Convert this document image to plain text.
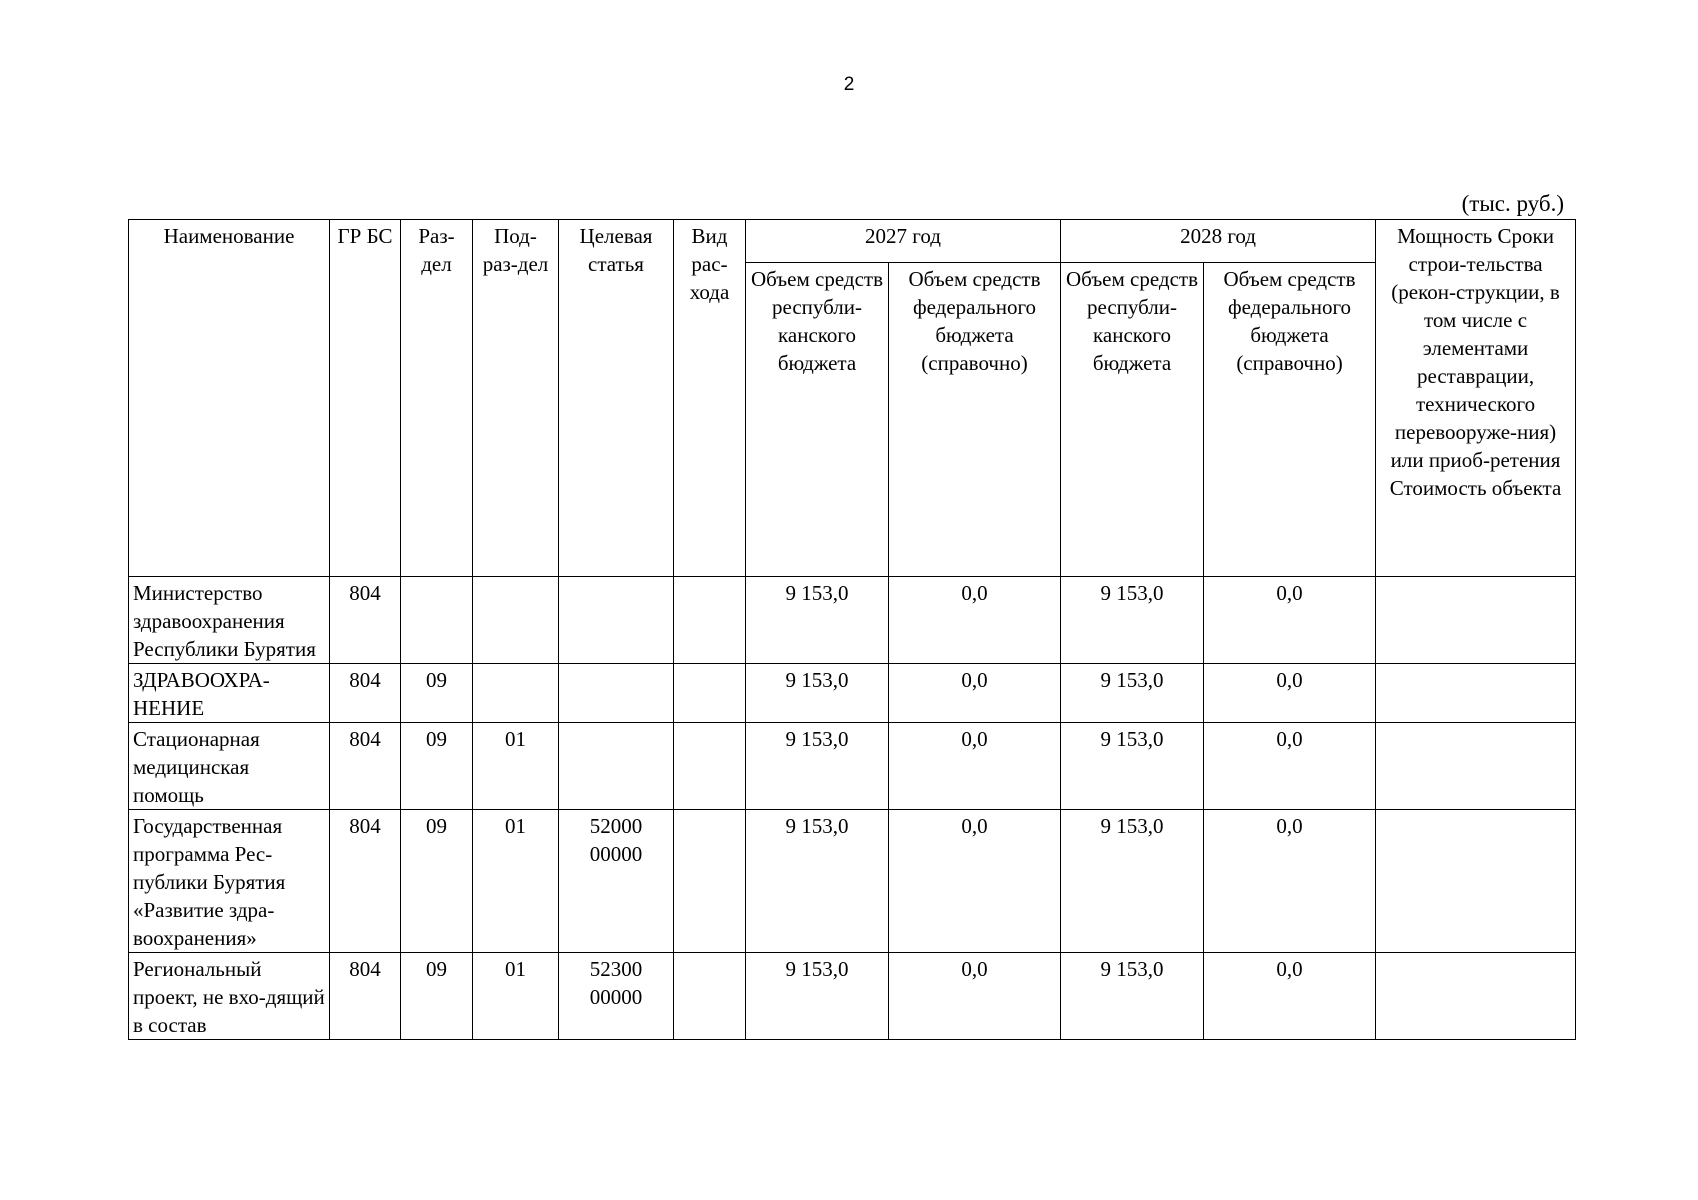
2
(тыс. руб.)
Наименование	ГР БС	Раз-дел	Под-раз-дел	Целевая статья	Вид рас-хода	2027 год		2028 год		Мощность Сроки строи-тельства (рекон-струкции, в том числе с элементами реставрации, технического перевооруже-ния) или приоб-ретения Стоимость объекта
						Объем средств республи-канского бюджета	Объем средств федерального бюджета (справочно)	Объем средств республи-канского бюджета	Объем средств федерального бюджета (справочно)	
Министерство здравоохранения Республики Бурятия	804					9 153,0	0,0	9 153,0	0,0	
ЗДРАВООХРА-НЕНИЕ	804	09				9 153,0	0,0	9 153,0	0,0	
Стационарная медицинская помощь	804	09	01			9 153,0	0,0	9 153,0	0,0	
Государственная программа Рес-публики Бурятия «Развитие здра-воохранения»	804	09	01	52000 00000		9 153,0	0,0	9 153,0	0,0	
Региональный проект, не вхо-дящий в состав	804	09	01	52300 00000		9 153,0	0,0	9 153,0	0,0	
